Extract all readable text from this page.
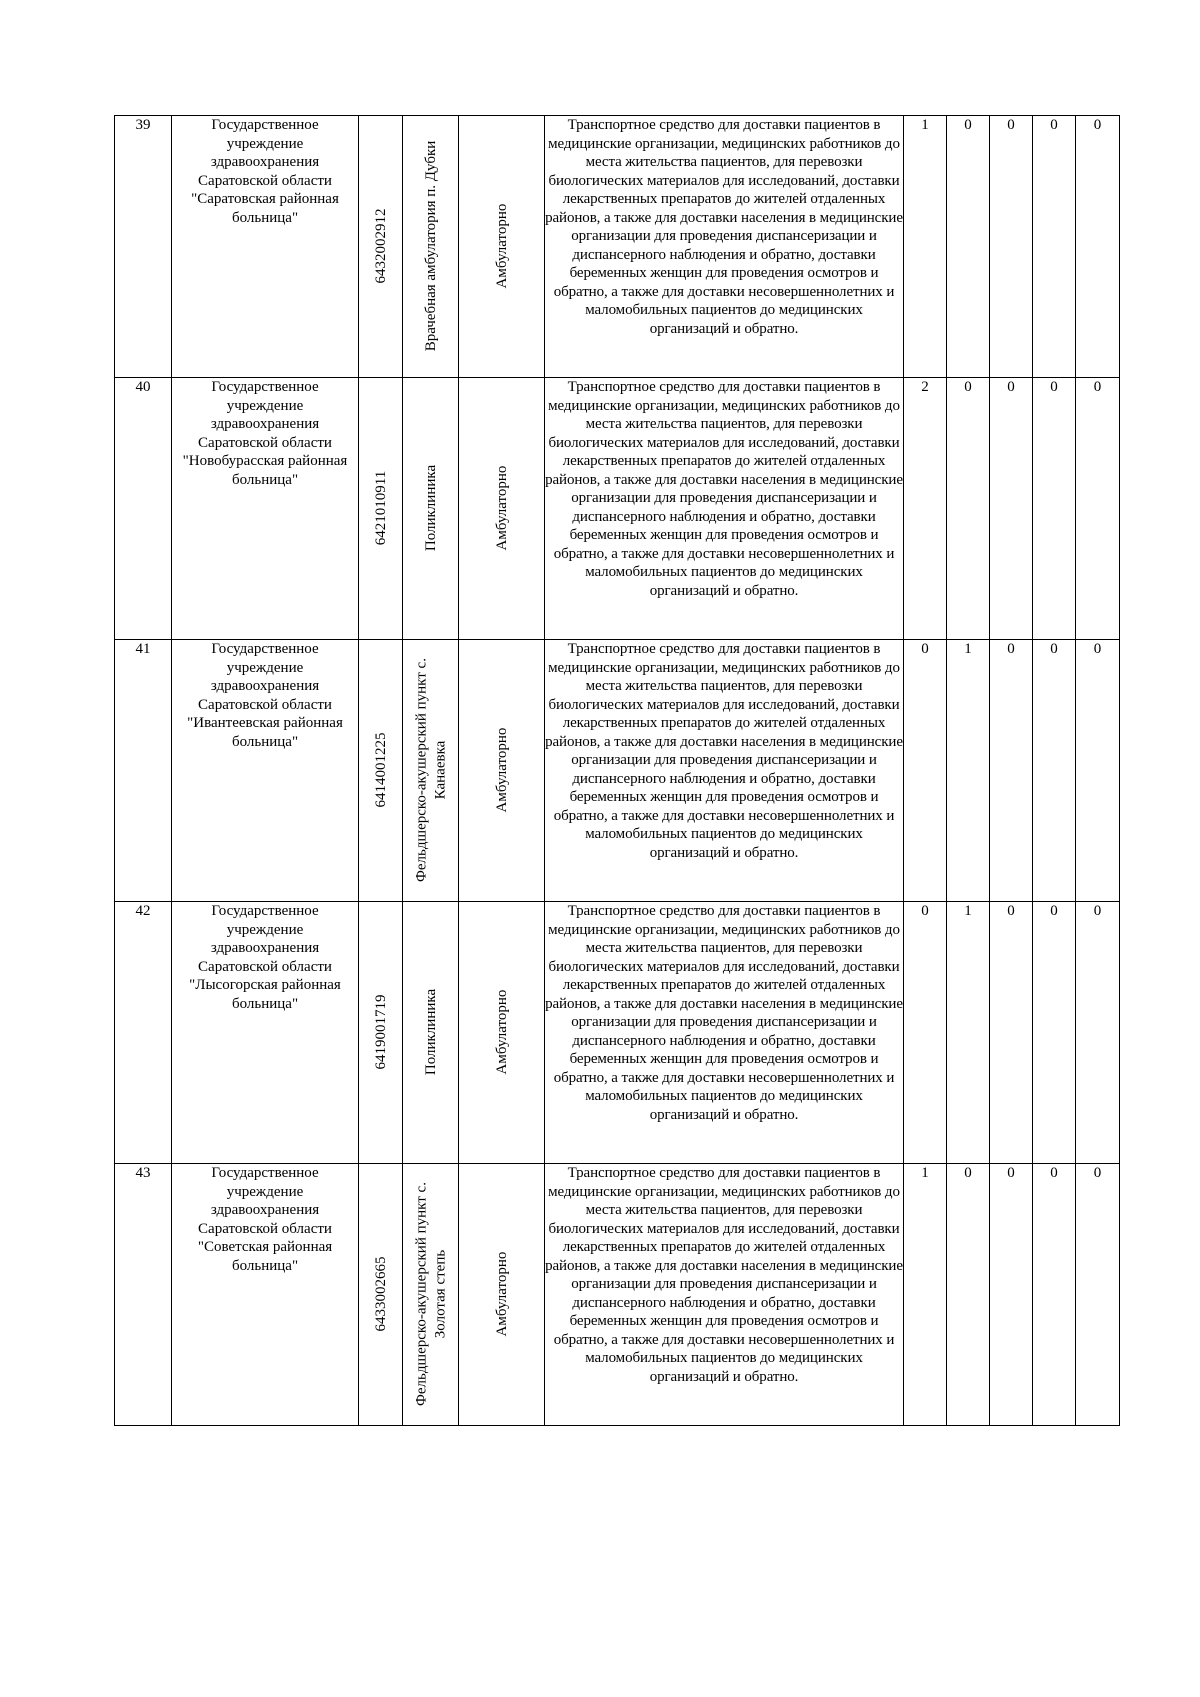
39	Государственное учреждение здравоохранения Саратовской области "Саратовская районная больница"	6432002912	Врачебная амбулатория п. Дубки	Амбулаторно	Транспортное средство для доставки пациентов в медицинские организации, медицинских работников до места жительства пациентов, для перевозки биологических материалов для исследований, доставки лекарственных препаратов до жителей отдаленных районов, а также для доставки населения в медицинские организации для проведения диспансеризации и диспансерного наблюдения и обратно, доставки беременных женщин для проведения осмотров и обратно, а также для доставки несовершеннолетних и маломобильных пациентов до медицинских организаций и обратно.	1	0	0	0	0
40	Государственное учреждение здравоохранения Саратовской области "Новобурасская районная больница"	6421010911	Поликлиника	Амбулаторно	Транспортное средство для доставки пациентов в медицинские организации, медицинских работников до места жительства пациентов, для перевозки биологических материалов для исследований, доставки лекарственных препаратов до жителей отдаленных районов, а также для доставки населения в медицинские организации для проведения диспансеризации и диспансерного наблюдения и обратно, доставки беременных женщин для проведения осмотров и обратно, а также для доставки несовершеннолетних и маломобильных пациентов до медицинских организаций и обратно.	2	0	0	0	0
41	Государственное учреждение здравоохранения Саратовской области "Ивантеевская районная больница"	6414001225	Фельдшерско-акушерский пункт с. Канаевка	Амбулаторно	Транспортное средство для доставки пациентов в медицинские организации, медицинских работников до места жительства пациентов, для перевозки биологических материалов для исследований, доставки лекарственных препаратов до жителей отдаленных районов, а также для доставки населения в медицинские организации для проведения диспансеризации и диспансерного наблюдения и обратно, доставки беременных женщин для проведения осмотров и обратно, а также для доставки несовершеннолетних и маломобильных пациентов до медицинских организаций и обратно.	0	1	0	0	0
42	Государственное учреждение здравоохранения Саратовской области "Лысогорская районная больница"	6419001719	Поликлиника	Амбулаторно	Транспортное средство для доставки пациентов в медицинские организации, медицинских работников до места жительства пациентов, для перевозки биологических материалов для исследований, доставки лекарственных препаратов до жителей отдаленных районов, а также для доставки населения в медицинские организации для проведения диспансеризации и диспансерного наблюдения и обратно, доставки беременных женщин для проведения осмотров и обратно, а также для доставки несовершеннолетних и маломобильных пациентов до медицинских организаций и обратно.	0	1	0	0	0
43	Государственное учреждение здравоохранения Саратовской области "Советская районная больница"	6433002665	Фельдшерско-акушерский пункт с. Золотая степь	Амбулаторно	Транспортное средство для доставки пациентов в медицинские организации, медицинских работников до места жительства пациентов, для перевозки биологических материалов для исследований, доставки лекарственных препаратов до жителей отдаленных районов, а также для доставки населения в медицинские организации для проведения диспансеризации и диспансерного наблюдения и обратно, доставки беременных женщин для проведения осмотров и обратно, а также для доставки несовершеннолетних и маломобильных пациентов до медицинских организаций и обратно.	1	0	0	0	0
